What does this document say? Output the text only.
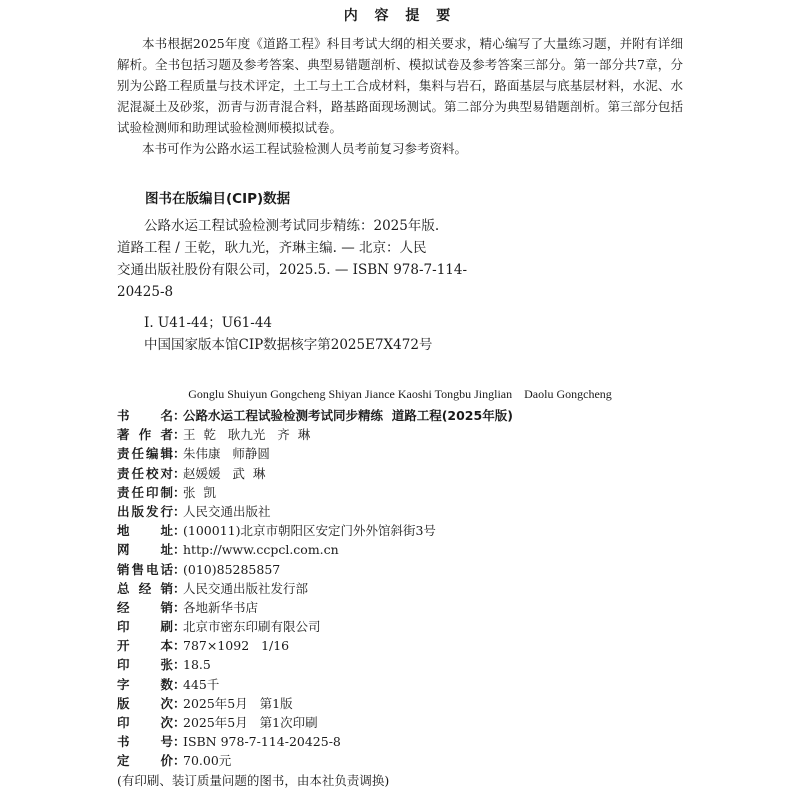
内 容 提 要

本书根据2025年度《道路工程》科目考试大纲的相关要求，精心编写了大量练习题，并附有详细解析。全书包括习题及参考答案、典型易错题剖析、模拟试卷及参考答案三部分。第一部分共7章，分别为公路工程质量与技术评定，土工与土工合成材料，集料与岩石，路面基层与底基层材料，水泥、水泥混凝土及砂浆，沥青与沥青混合料，路基路面现场测试。第二部分为典型易错题剖析。第三部分包括试验检测师和助理试验检测师模拟试卷。

本书可作为公路水运工程试验检测人员考前复习参考资料。

图书在版编目(CIP)数据
公路水运工程试验检测考试同步精练：2025年版.
道路工程 / 王乾，耿九光，齐琳主编. — 北京：人民
交通出版社股份有限公司，2025.5. — ISBN 978-7-114-
20425-8
Ⅰ. U41-44；U61-44
中国国家版本馆CIP数据核字第2025E7X472号
Gonglu Shuiyun Gongcheng Shiyan Jiance Kaoshi Tongbu Jinglian    Daolu Gongcheng
书 名 ：
公路水运工程试验检测考试同步精练  道路工程(2025年版)
著 作 者 ：
王  乾   耿九光   齐  琳
责 任 编 辑 ：
朱伟康   师静圆
责 任 校 对 ：
赵媛媛   武  琳
责 任 印 制 ：
张  凯
出 版 发 行 ：
人民交通出版社
地 址 ：
(100011)北京市朝阳区安定门外外馆斜街3号
网 址 ：
http://www.ccpcl.com.cn
销 售 电 话 ：
(010)85285857
总 经 销 ：
人民交通出版社发行部
经 销 ：
各地新华书店
印 刷 ：
北京市密东印刷有限公司
开 本 ：
787×1092   1/16
印 张 ：
18.5
字 数 ：
445千
版 次 ：
2025年5月   第1版
印 次 ：
2025年5月   第1次印刷
书 号 ：
ISBN 978-7-114-20425-8
定 价 ：
70.00元
(有印刷、装订质量问题的图书，由本社负责调换)
